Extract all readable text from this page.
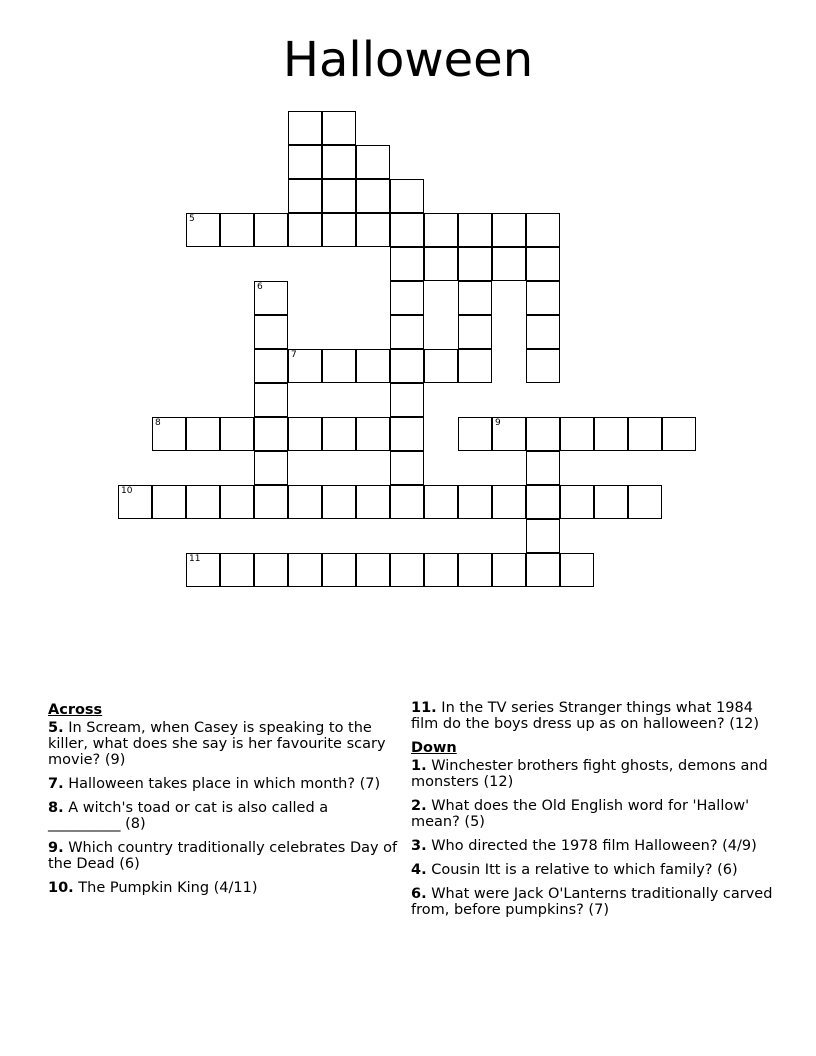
Halloween
5
6
7
8	9
10
11
Across
5. In Scream, when Casey is speaking to the killer, what does she say is her favourite scary movie? (9)
7. Halloween takes place in which month? (7)
8. A witch's toad or cat is also called a __________ (8)
9. Which country traditionally celebrates Day of the Dead (6)
10. The Pumpkin King (4/11)
11. In the TV series Stranger things what 1984 film do the boys dress up as on halloween? (12)
Down
1. Winchester brothers fight ghosts, demons and monsters (12)
2. What does the Old English word for 'Hallow' mean? (5)
3. Who directed the 1978 film Halloween? (4/9)
4. Cousin Itt is a relative to which family? (6)
6. What were Jack O'Lanterns traditionally carved from, before pumpkins? (7)
